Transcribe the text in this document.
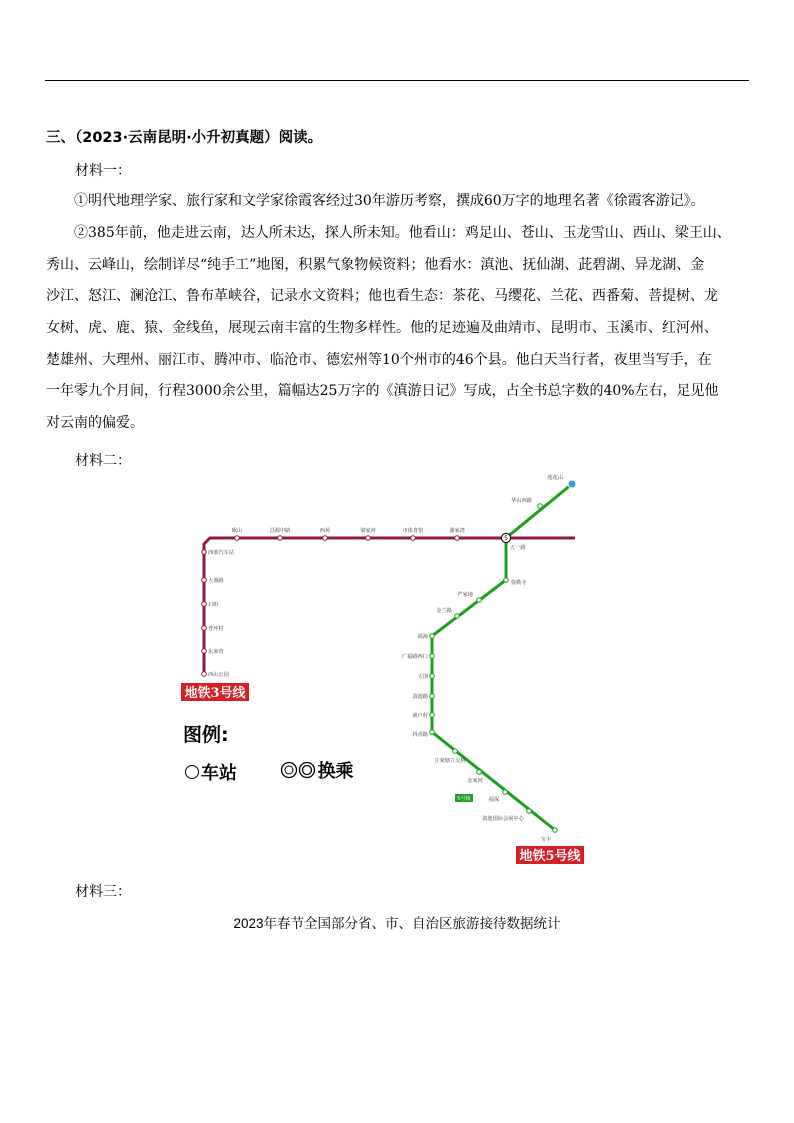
三、（2023·云南昆明·小升初真题）阅读。
材料一：
①明代地理学家、旅行家和文学家徐霞客经过30年游历考察，撰成60万字的地理名著《徐霞客游记》。
②385年前，他走进云南，达人所未达，探人所未知。他看山：鸡足山、苍山、玉龙雪山、西山、梁王山、
秀山、云峰山，绘制详尽“纯手工”地图，积累气象物候资料；他看水：滇池、抚仙湖、茈碧湖、异龙湖、金
沙江、怒江、澜沧江、鲁布革峡谷，记录水文资料；他也看生态：茶花、马缨花、兰花、西番菊、菩提树、龙
女树、虎、鹿、猿、金线鱼，展现云南丰富的生物多样性。他的足迹遍及曲靖市、昆明市、玉溪市、红河州、
楚雄州、大理州、丽江市、腾冲市、临沧市、德宏州等10个州市的46个县。他白天当行者，夜里当写手，在
一年零九个月间，行程3000余公里，篇幅达25万字的《滇游日记》写成，占全书总字数的40%左右，足见他
对云南的偏爱。
材料二：
眠山	昌源中路	西苑	梁家河	市体育馆	潘家湾
西部汽车站
大渔路
石咀
普坪村
东家营
西山公园
莲花山
华山西路
五一路
弥勒寺
严家地
金兰路
福海
广福路西口
大坝
滇池路
渔户村
抖香路
庄家塘立交桥
金家河
福保
滇池国际会展中心
宝丰
5
5号线
地铁3号线
地铁5号线
图例:
车站
	换乘
材料三：
2023年春节全国部分省、市、自治区旅游接待数据统计
